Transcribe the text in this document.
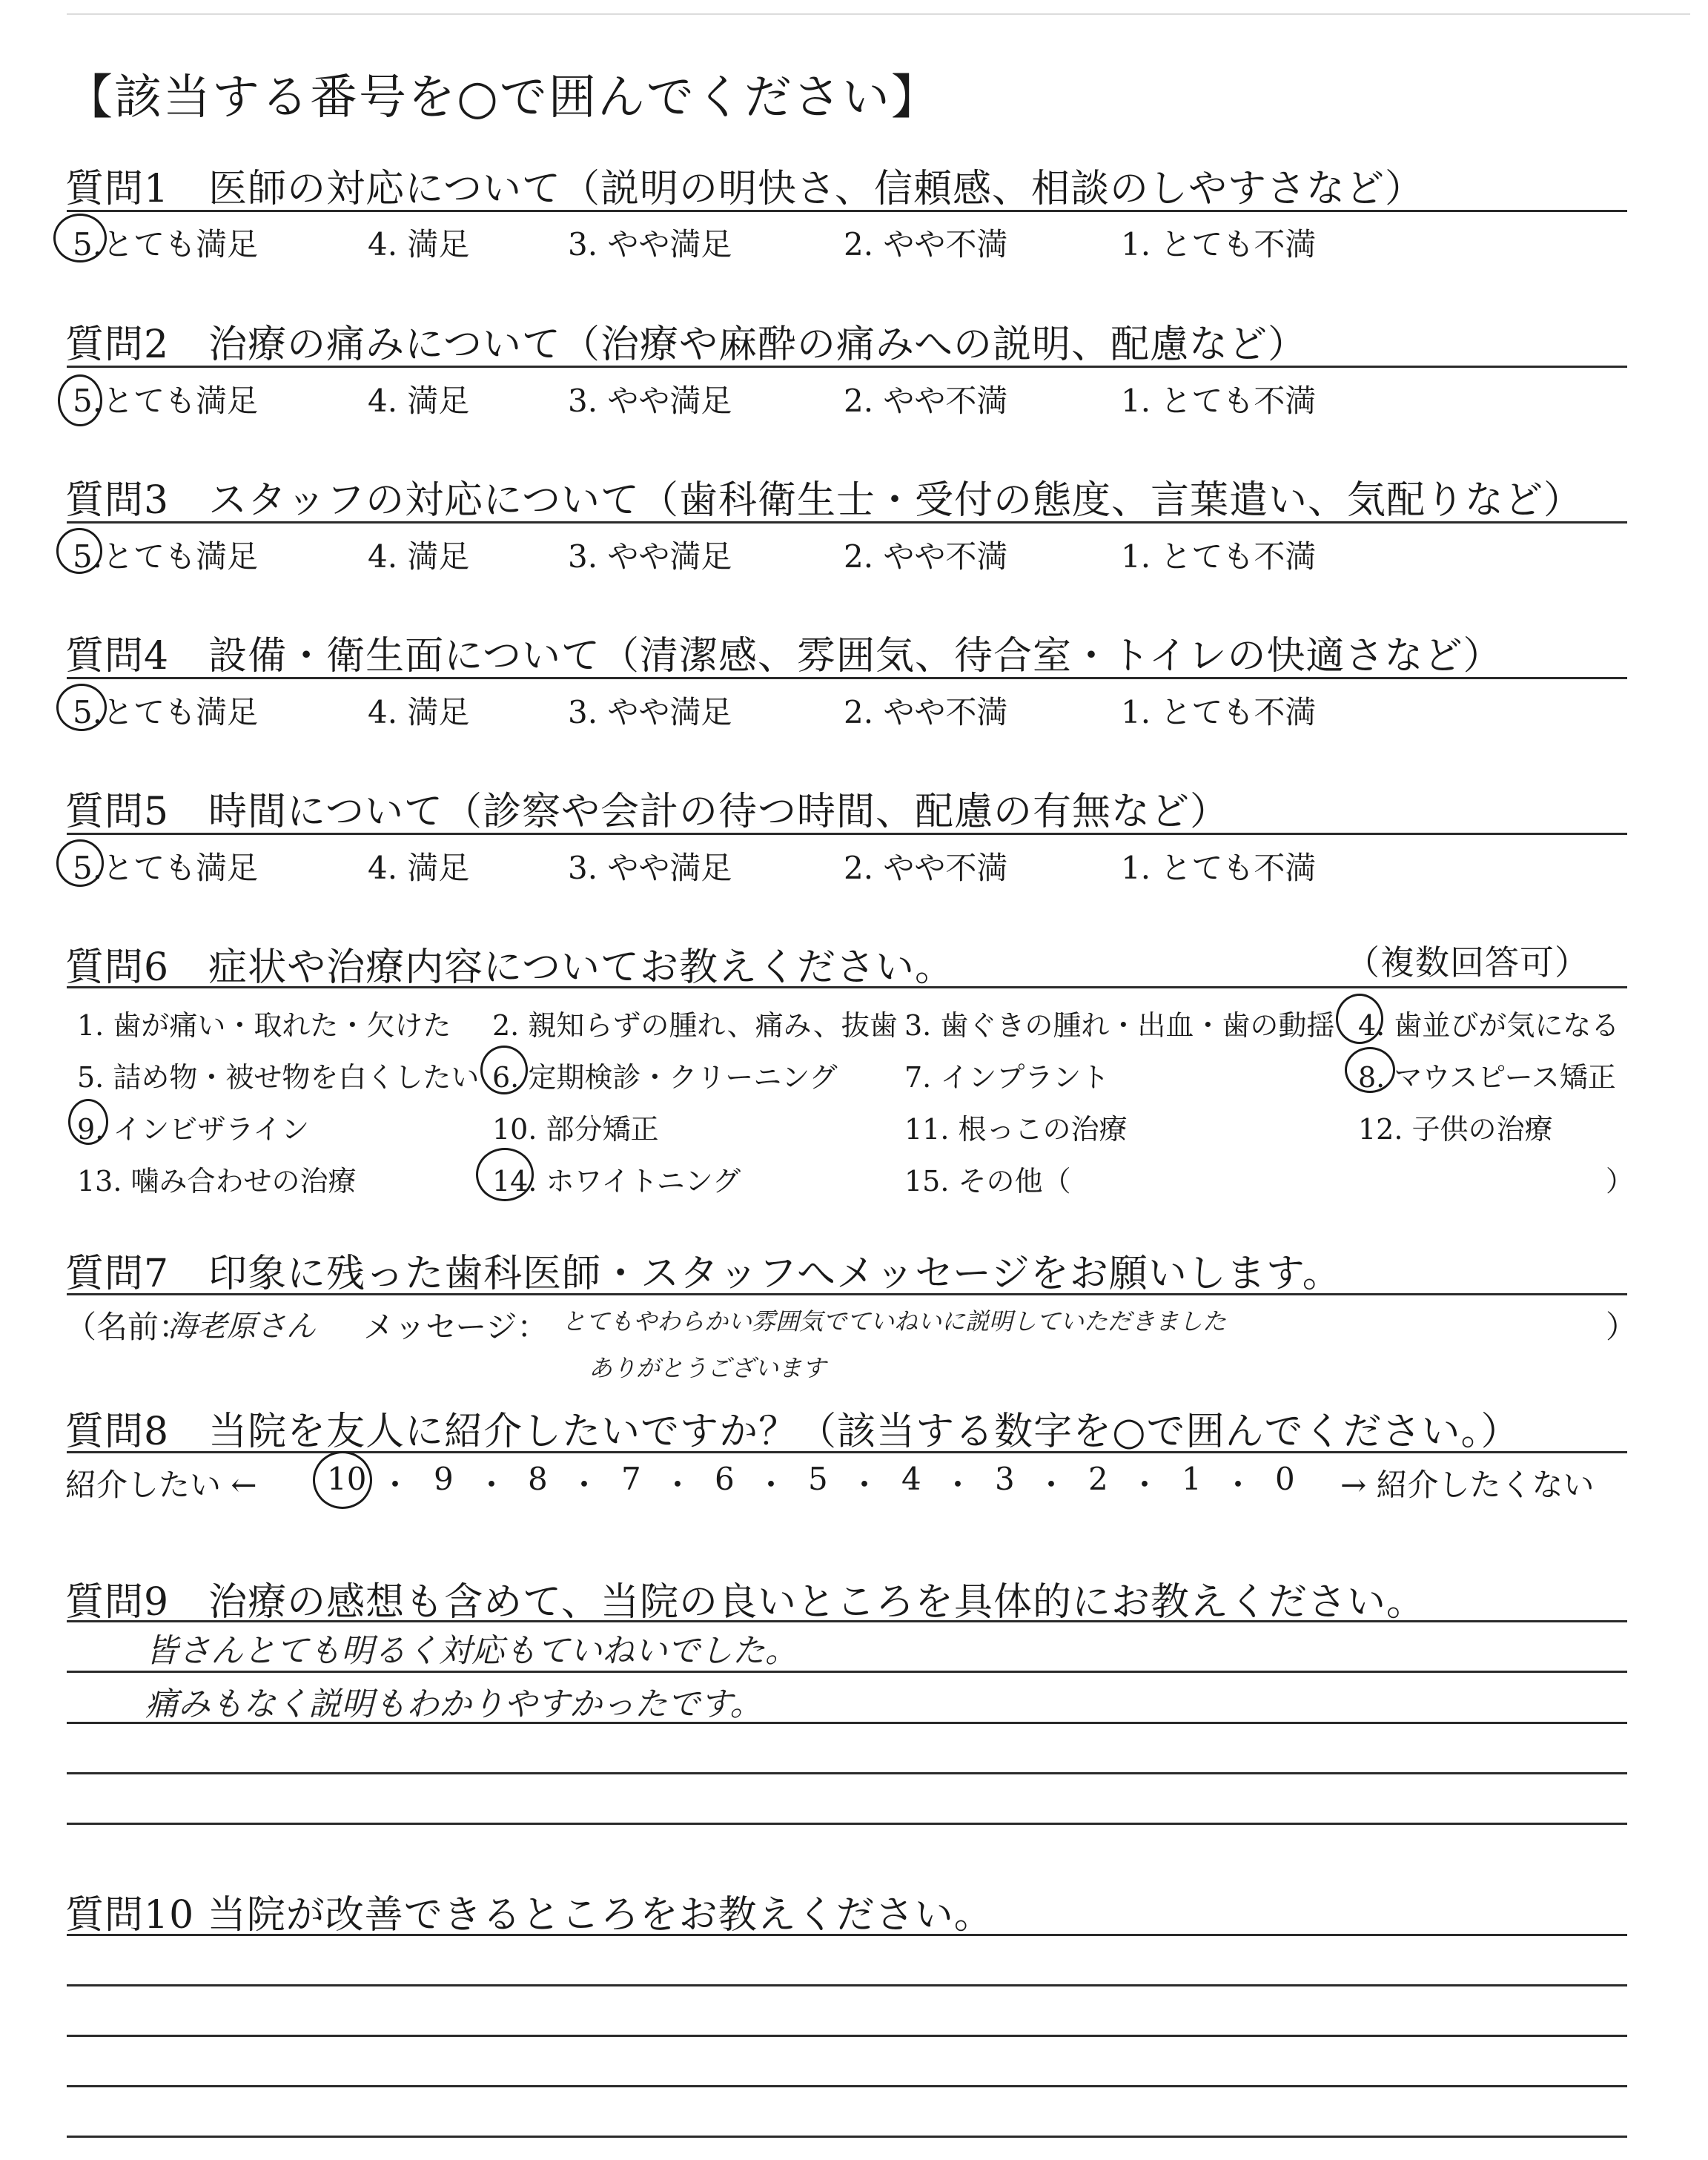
【該当する番号を○で囲んでください】
質問1　医師の対応について（説明の明快さ、信頼感、相談のしやすさなど）
5.とても満足	4. 満足	3. やや満足	2. やや不満	1. とても不満
質問2　治療の痛みについて（治療や麻酔の痛みへの説明、配慮など）
5.とても満足	4. 満足	3. やや満足	2. やや不満	1. とても不満
質問3　スタッフの対応について（歯科衛生士・受付の態度、言葉遣い、気配りなど）
5.とても満足	4. 満足	3. やや満足	2. やや不満	1. とても不満
質問4　設備・衛生面について（清潔感、雰囲気、待合室・トイレの快適さなど）
5.とても満足	4. 満足	3. やや満足	2. やや不満	1. とても不満
質問5　時間について（診察や会計の待つ時間、配慮の有無など）
5.とても満足	4. 満足	3. やや満足	2. やや不満	1. とても不満
質問6　症状や治療内容についてお教えください。	（複数回答可）
1. 歯が痛い・取れた・欠けた 2. 親知らずの腫れ、痛み、抜歯 3. 歯ぐきの腫れ・出血・歯の動揺 4. 歯並びが気になる
5. 詰め物・被せ物を白くしたい 6. 定期検診・クリーニング 7. インプラント	8. マウスピース矯正
9. インビザライン	10. 部分矯正	11. 根っこの治療	12. 子供の治療
13. 噛み合わせの治療	14. ホワイトニング	15. その他（	）
質問7　印象に残った歯科医師・スタッフへメッセージをお願いします。
（名前：
海老原さん メッセージ： とてもやわらかい雰囲気でていねいに説明していただきました
ありがとうございます
）
質問8　当院を友人に紹介したいですか？（該当する数字を○で囲んでください。）
紹介したい ←	→ 紹介したくない
10 ・ 9 ・ 8 ・ 7 ・ 6 ・ 5 ・ 4 ・ 3 ・ 2 ・ 1 ・ 0
質問9　治療の感想も含めて、当院の良いところを具体的にお教えください。
皆さんとても明るく対応もていねいでした。
痛みもなく説明もわかりやすかったです。
質問10 当院が改善できるところをお教えください。
